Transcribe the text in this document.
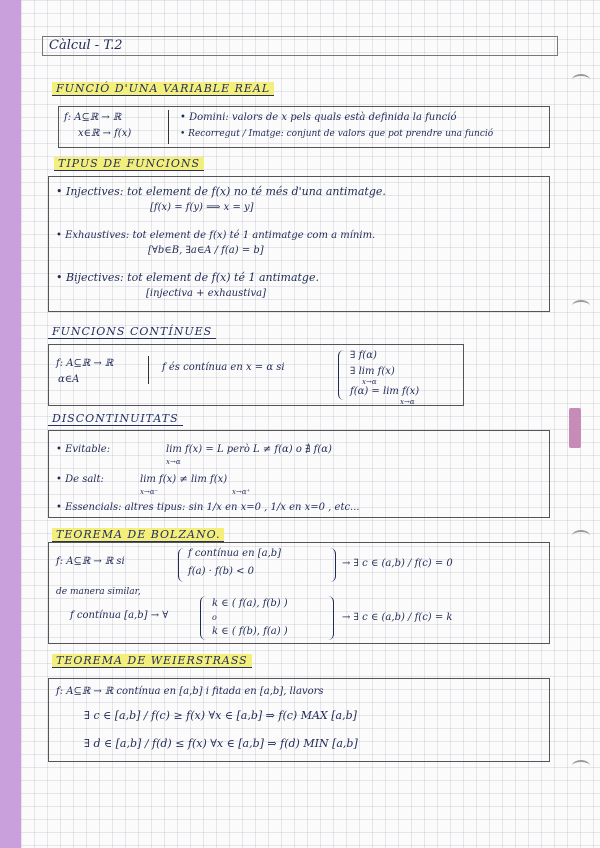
Càlcul - T.2
FUNCIÓ D'UNA VARIABLE REAL
f: A⊆ℝ → ℝ
x∈ℝ → f(x)
• Domini: valors de x pels quals està definida la funció
• Recorregut / Imatge: conjunt de valors que pot prendre una funció
TIPUS DE FUNCIONS
• Injectives: tot element de f(x) no té més d'una antimatge.
[f(x) = f(y) ⟹ x = y]
• Exhaustives: tot element de f(x) té 1 antimatge com a mínim.
[∀b∈B, ∃a∈A / f(a) = b]
• Bijectives: tot element de f(x) té 1 antimatge.
[injectiva + exhaustiva]
FUNCIONS CONTÍNUES
f: A⊆ℝ → ℝ
α∈A
f és contínua en x = α si
∃ f(α)
∃ lim f(x)
x→α
f(α) = lim f(x)
x→α
DISCONTINUITATS
• Evitable:	lim f(x) = L però L ≠ f(α) o ∄ f(α)
x→α
• De salt:	lim f(x) ≠ lim f(x)
x→α⁻	x→α⁺
• Essencials: altres tipus: sin 1/x en x=0 , 1/x en x=0 , etc...
TEOREMA DE BOLZANO.
f: A⊆ℝ → ℝ si
f contínua en [a,b]
f(a) · f(b) < 0
→ ∃ c ∈ (a,b) / f(c) = 0
de manera similar,
f contínua [a,b] → ∀
k ∈ ( f(a), f(b) )
o
k ∈ ( f(b), f(a) )
→ ∃ c ∈ (a,b) / f(c) = k
TEOREMA DE WEIERSTRASS
f: A⊆ℝ → ℝ contínua en [a,b] i fitada en [a,b], llavors
∃ c ∈ [a,b] / f(c) ≥ f(x) ∀x ∈ [a,b] ⇒ f(c) MAX [a,b]
∃ d ∈ [a,b] / f(d) ≤ f(x) ∀x ∈ [a,b] ⇒ f(d) MIN [a,b]
